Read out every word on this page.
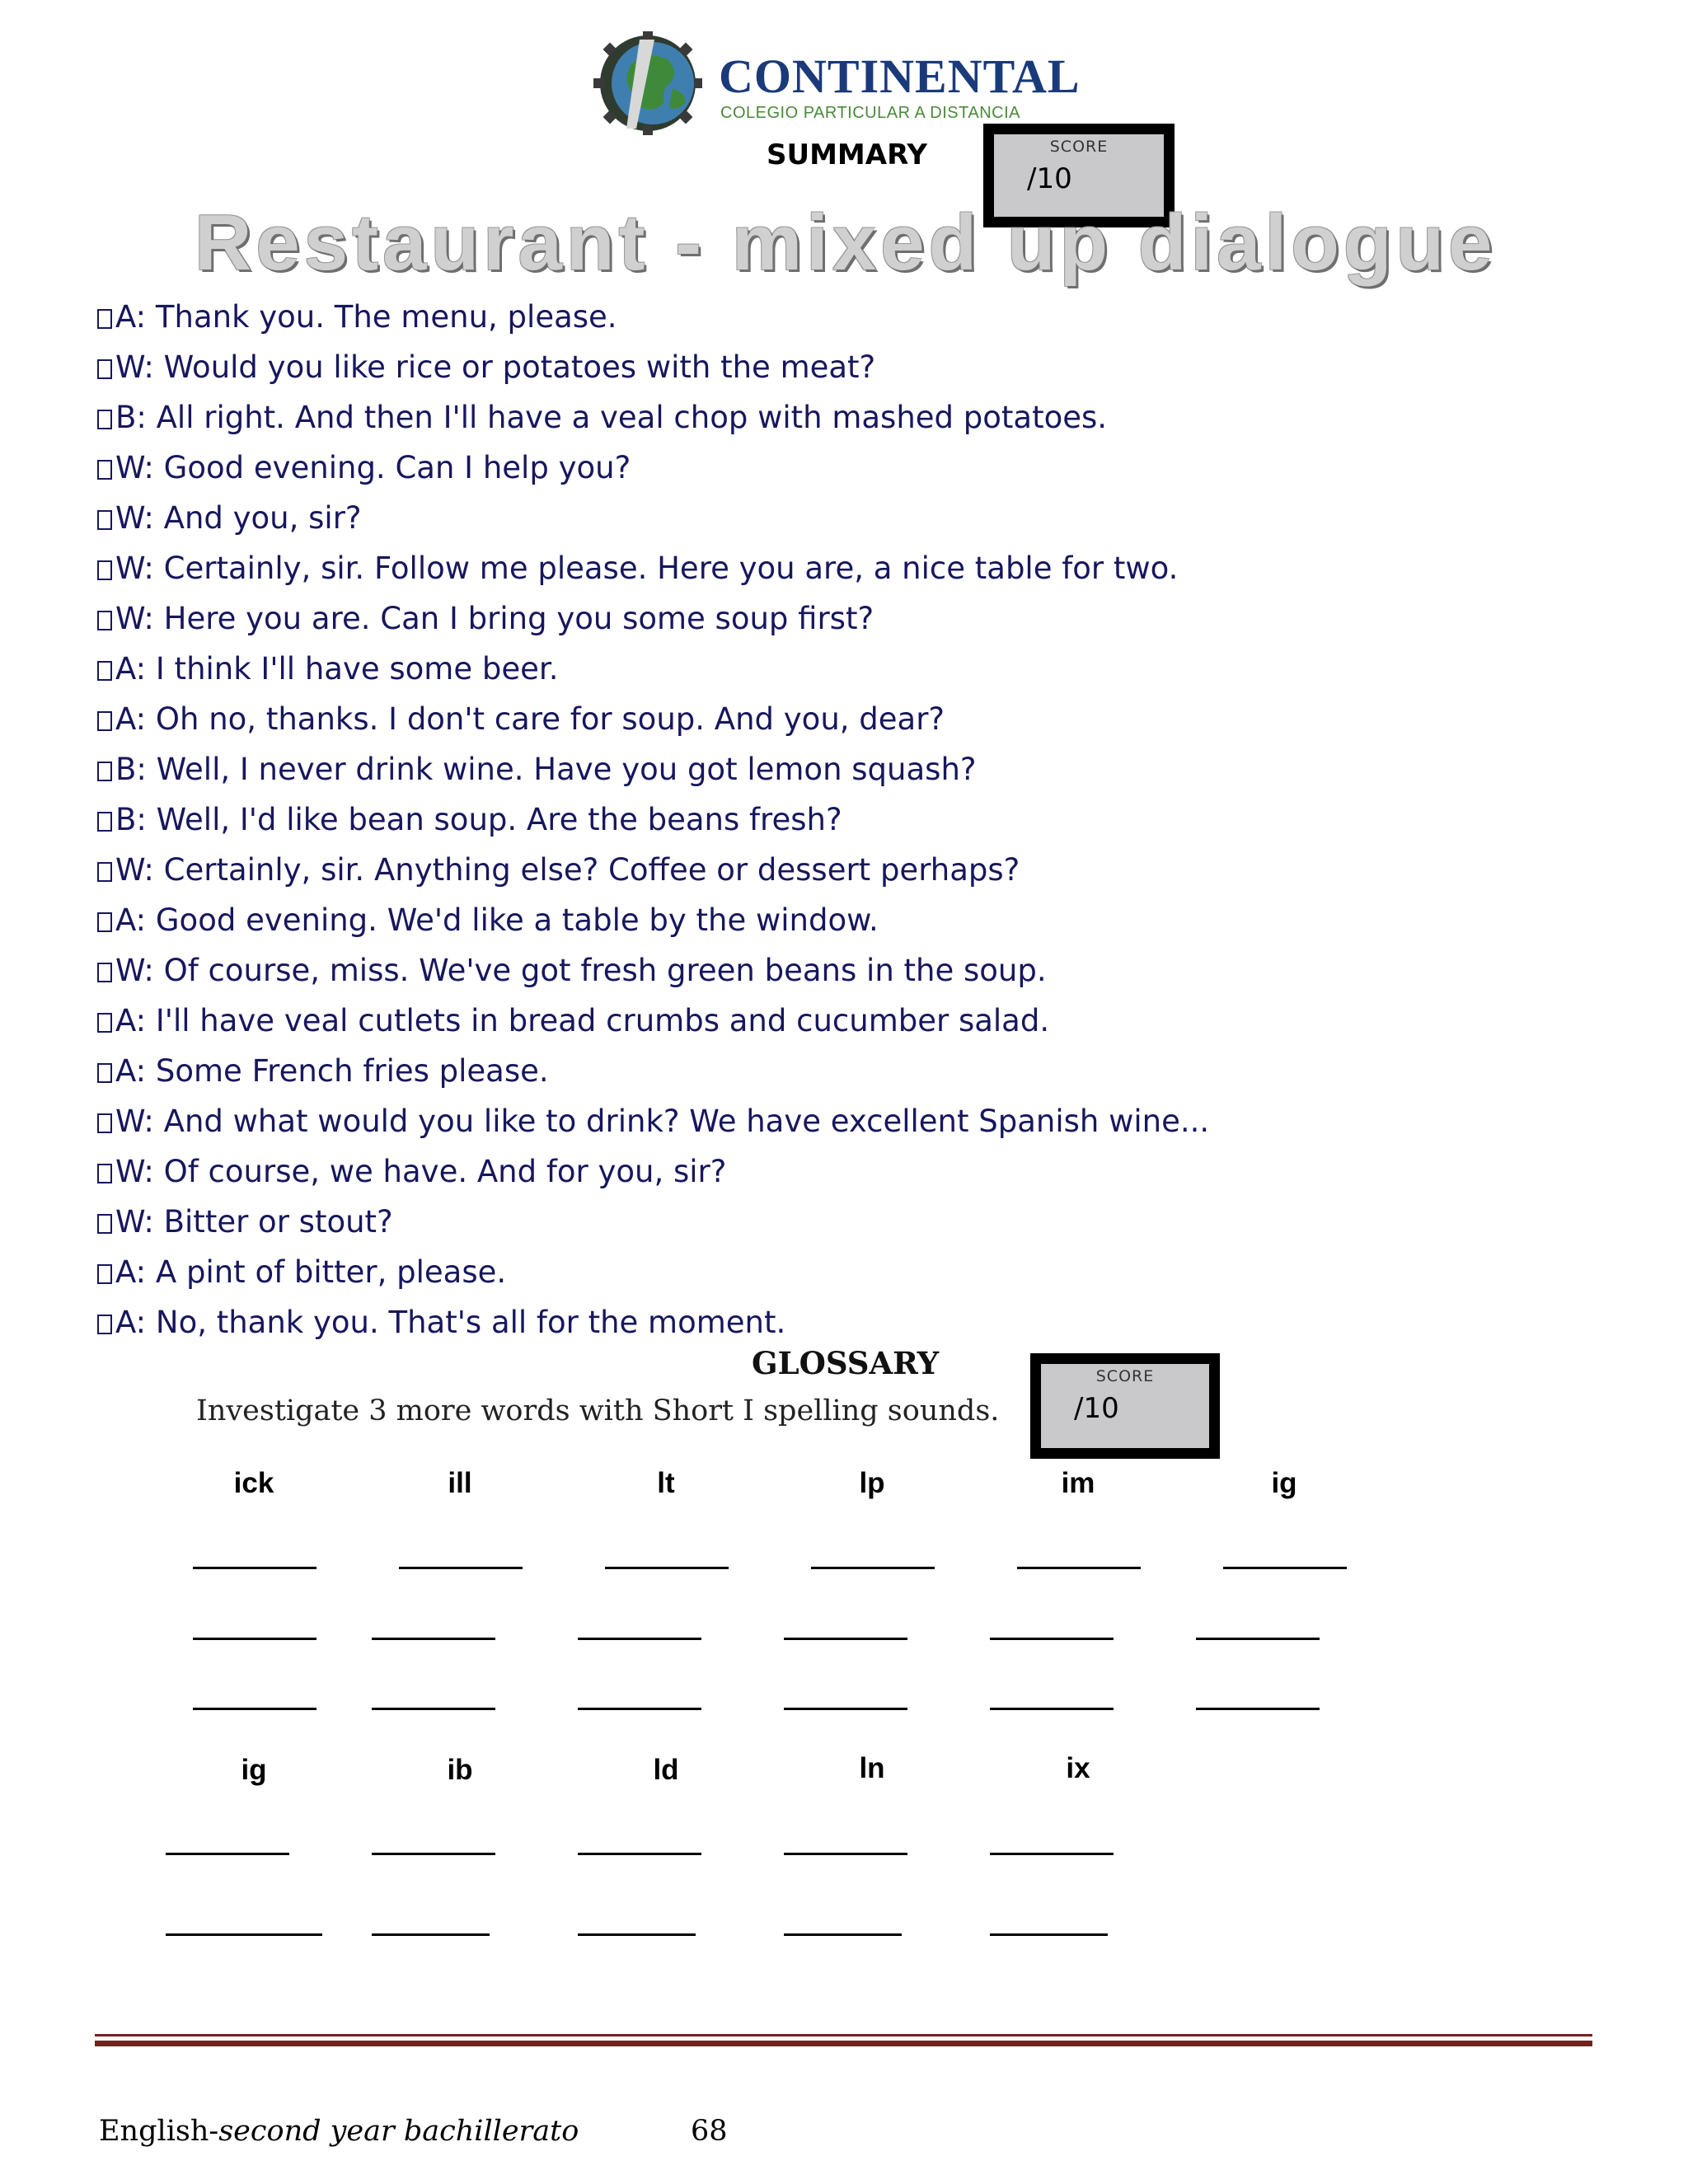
CONTINENTAL
COLEGIO PARTICULAR A DISTANCIA
SUMMARY	SCORE
/10
Restaurant - mixed up dialogue
A: Thank you. The menu, please.
W: Would you like rice or potatoes with the meat?
B: All right. And then I'll have a veal chop with mashed potatoes.
W: Good evening. Can I help you?
W: And you, sir?
W: Certainly, sir. Follow me please. Here you are, a nice table for two.
W: Here you are. Can I bring you some soup first?
A: I think I'll have some beer.
A: Oh no, thanks. I don't care for soup. And you, dear?
B: Well, I never drink wine. Have you got lemon squash?
B: Well, I'd like bean soup. Are the beans fresh?
W: Certainly, sir. Anything else? Coffee or dessert perhaps?
A: Good evening. We'd like a table by the window.
W: Of course, miss. We've got fresh green beans in the soup.
A: I'll have veal cutlets in bread crumbs and cucumber salad.
A: Some French fries please.
W: And what would you like to drink? We have excellent Spanish wine...
W: Of course, we have. And for you, sir?
W: Bitter or stout?
A: A pint of bitter, please.
A: No, thank you. That's all for the moment.
GLOSSARY
Investigate 3 more words with Short I spelling sounds.
SCORE
/10
ick	ill	lt	lp	im	ig
ig	ib	ld	ln	ix
English-second year bachillerato	68
